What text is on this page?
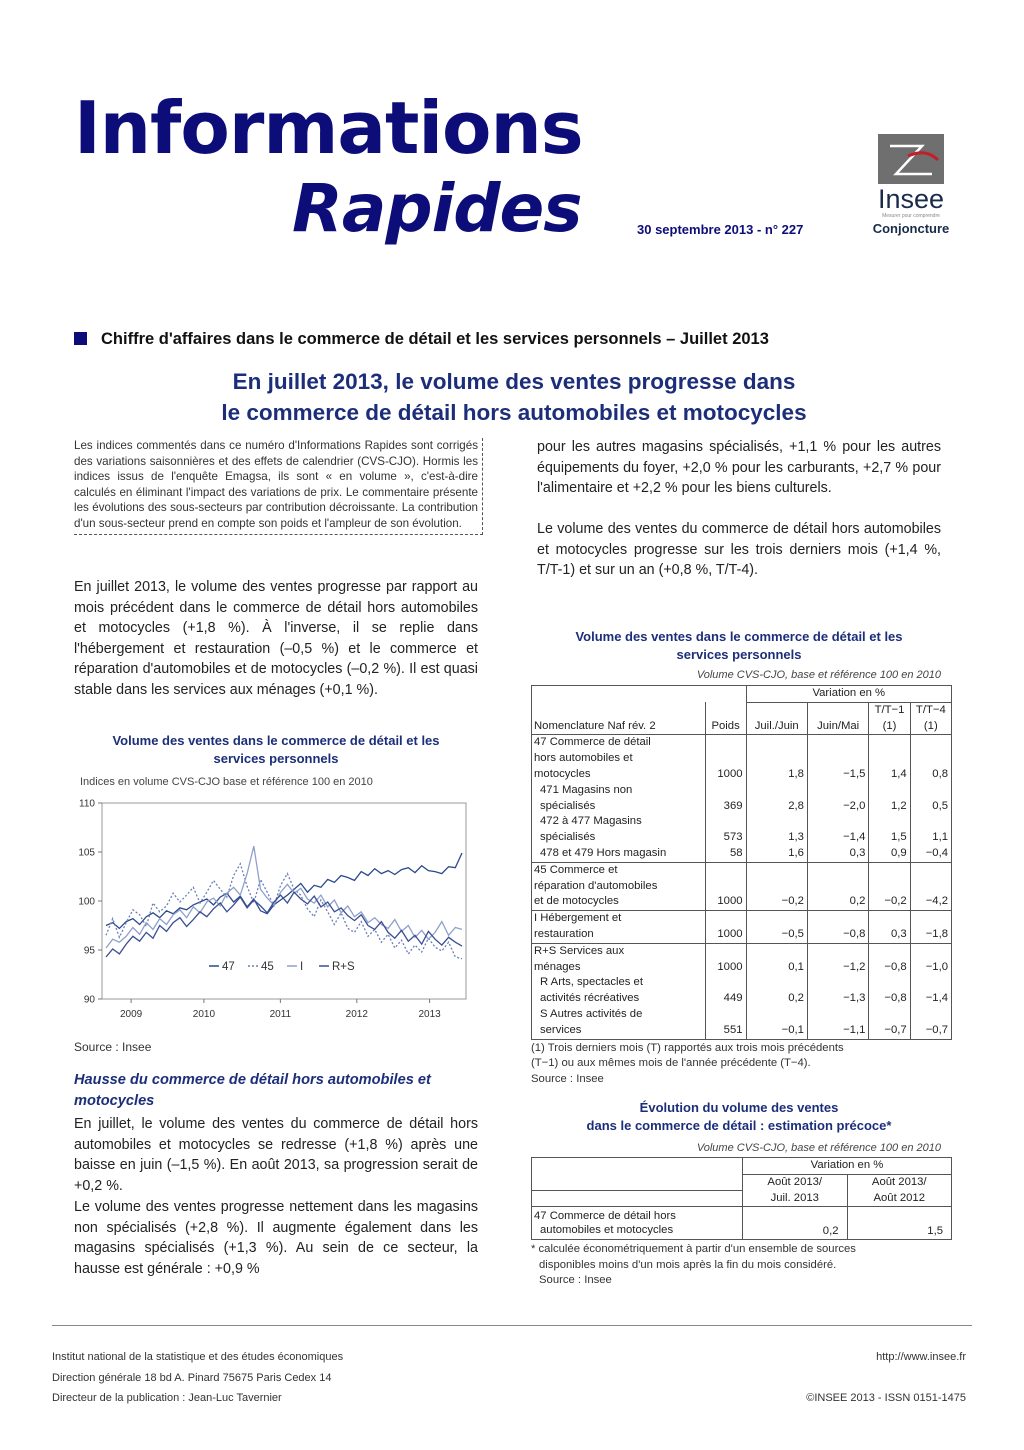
Informations
Rapides	30 septembre 2013 - n° 227
Insee
Mesurer pour comprendre
Conjoncture
Chiffre d'affaires dans le commerce de détail et les services personnels – Juillet 2013
En juillet 2013, le volume des ventes progresse dans
le commerce de détail hors automobiles et motocycles
Les indices commentés dans ce numéro d'Informations Rapides sont corrigés des variations saisonnières et des effets de calendrier (CVS-CJO). Hormis les indices issus de l'enquête Emagsa, ils sont « en volume », c'est-à-dire calculés en éliminant l'impact des variations de prix. Le commentaire présente les évolutions des sous-secteurs par contribution décroissante. La contribution d'un sous-secteur prend en compte son poids et l'ampleur de son évolution.
En juillet 2013, le volume des ventes progresse par rapport au mois précédent dans le commerce de détail hors automobiles et motocycles (+1,8 %). À l'inverse, il se replie dans l'hébergement et restauration (–0,5 %) et le commerce et réparation d'automobiles et de motocycles (–0,2 %). Il est quasi stable dans les services aux ménages (+0,1 %).
Volume des ventes dans le commerce de détail et les
services personnels
Indices en volume CVS-CJO base et référence 100 en 2010
90
95
100
105
110
2009	2010	2011	2012	2013
47 45 I	R+S
Source : Insee
Hausse du commerce de détail hors automobiles et motocycles
En juillet, le volume des ventes du commerce de détail hors automobiles et motocycles se redresse (+1,8 %) après une baisse en juin (–1,5 %). En août 2013, sa progression serait de +0,2 %.
Le volume des ventes progresse nettement dans les magasins non spécialisés (+2,8 %). Il augmente également dans les magasins spécialisés (+1,3 %). Au sein de ce secteur, la hausse est générale : +0,9 %
pour les autres magasins spécialisés, +1,1 % pour les autres équipements du foyer, +2,0 % pour les carburants, +2,7 % pour l'alimentaire et +2,2 % pour les biens culturels.
Le volume des ventes du commerce de détail hors automobiles et motocycles progresse sur les trois derniers mois (+1,4 %, T/T-1) et sur un an (+0,8 %, T/T-4).
Volume des ventes dans le commerce de détail et les
services personnels
Volume CVS-CJO, base et référence 100 en 2010
		Variation en %			
Nomenclature Naf rév. 2	Poids	Juil./Juin	Juin/Mai	T/T−1	T/T−4
				(1)	(1)

47 Commerce de détail
hors automobiles et
motocycles	1000	1,8	−1,5	1,4	0,8

471 Magasins non
spécialisés	369	2,8	−2,0	1,2	0,5

472 à 477 Magasins
spécialisés	573	1,3	−1,4	1,5	1,1

478 et 479 Hors magasin	58	1,6	0,3	0,9	−0,4

45 Commerce et
réparation d'automobiles
et de motocycles	1000	−0,2	0,2	−0,2	−4,2

I Hébergement et
restauration	1000	−0,5	−0,8	0,3	−1,8

R+S Services aux
ménages	1000	0,1	−1,2	−0,8	−1,0

R Arts, spectacles et
activités récréatives	449	0,2	−1,3	−0,8	−1,4

S Autres activités de
services	551	−0,1	−1,1	−0,7	−0,7
(1) Trois derniers mois (T) rapportés aux trois mois précédents
(T−1) ou aux mêmes mois de l'année précédente (T−4).
Source : Insee
Évolution du volume des ventes
dans le commerce de détail : estimation précoce*
Volume CVS-CJO, base et référence 100 en 2010
	Variation en %	
	Août 2013/	Août 2013/
	Juil. 2013	Août 2012

47 Commerce de détail hors
automobiles et motocycles	0,2	1,5
* calculée économétriquement à partir d'un ensemble de sources
disponibles moins d'un mois après la fin du mois considéré.
Source : Insee
Institut national de la statistique et des études économiques
Direction générale 18 bd A. Pinard 75675 Paris Cedex 14
Directeur de la publication : Jean-Luc Tavernier
http://www.insee.fr
©INSEE 2013 - ISSN 0151-1475
